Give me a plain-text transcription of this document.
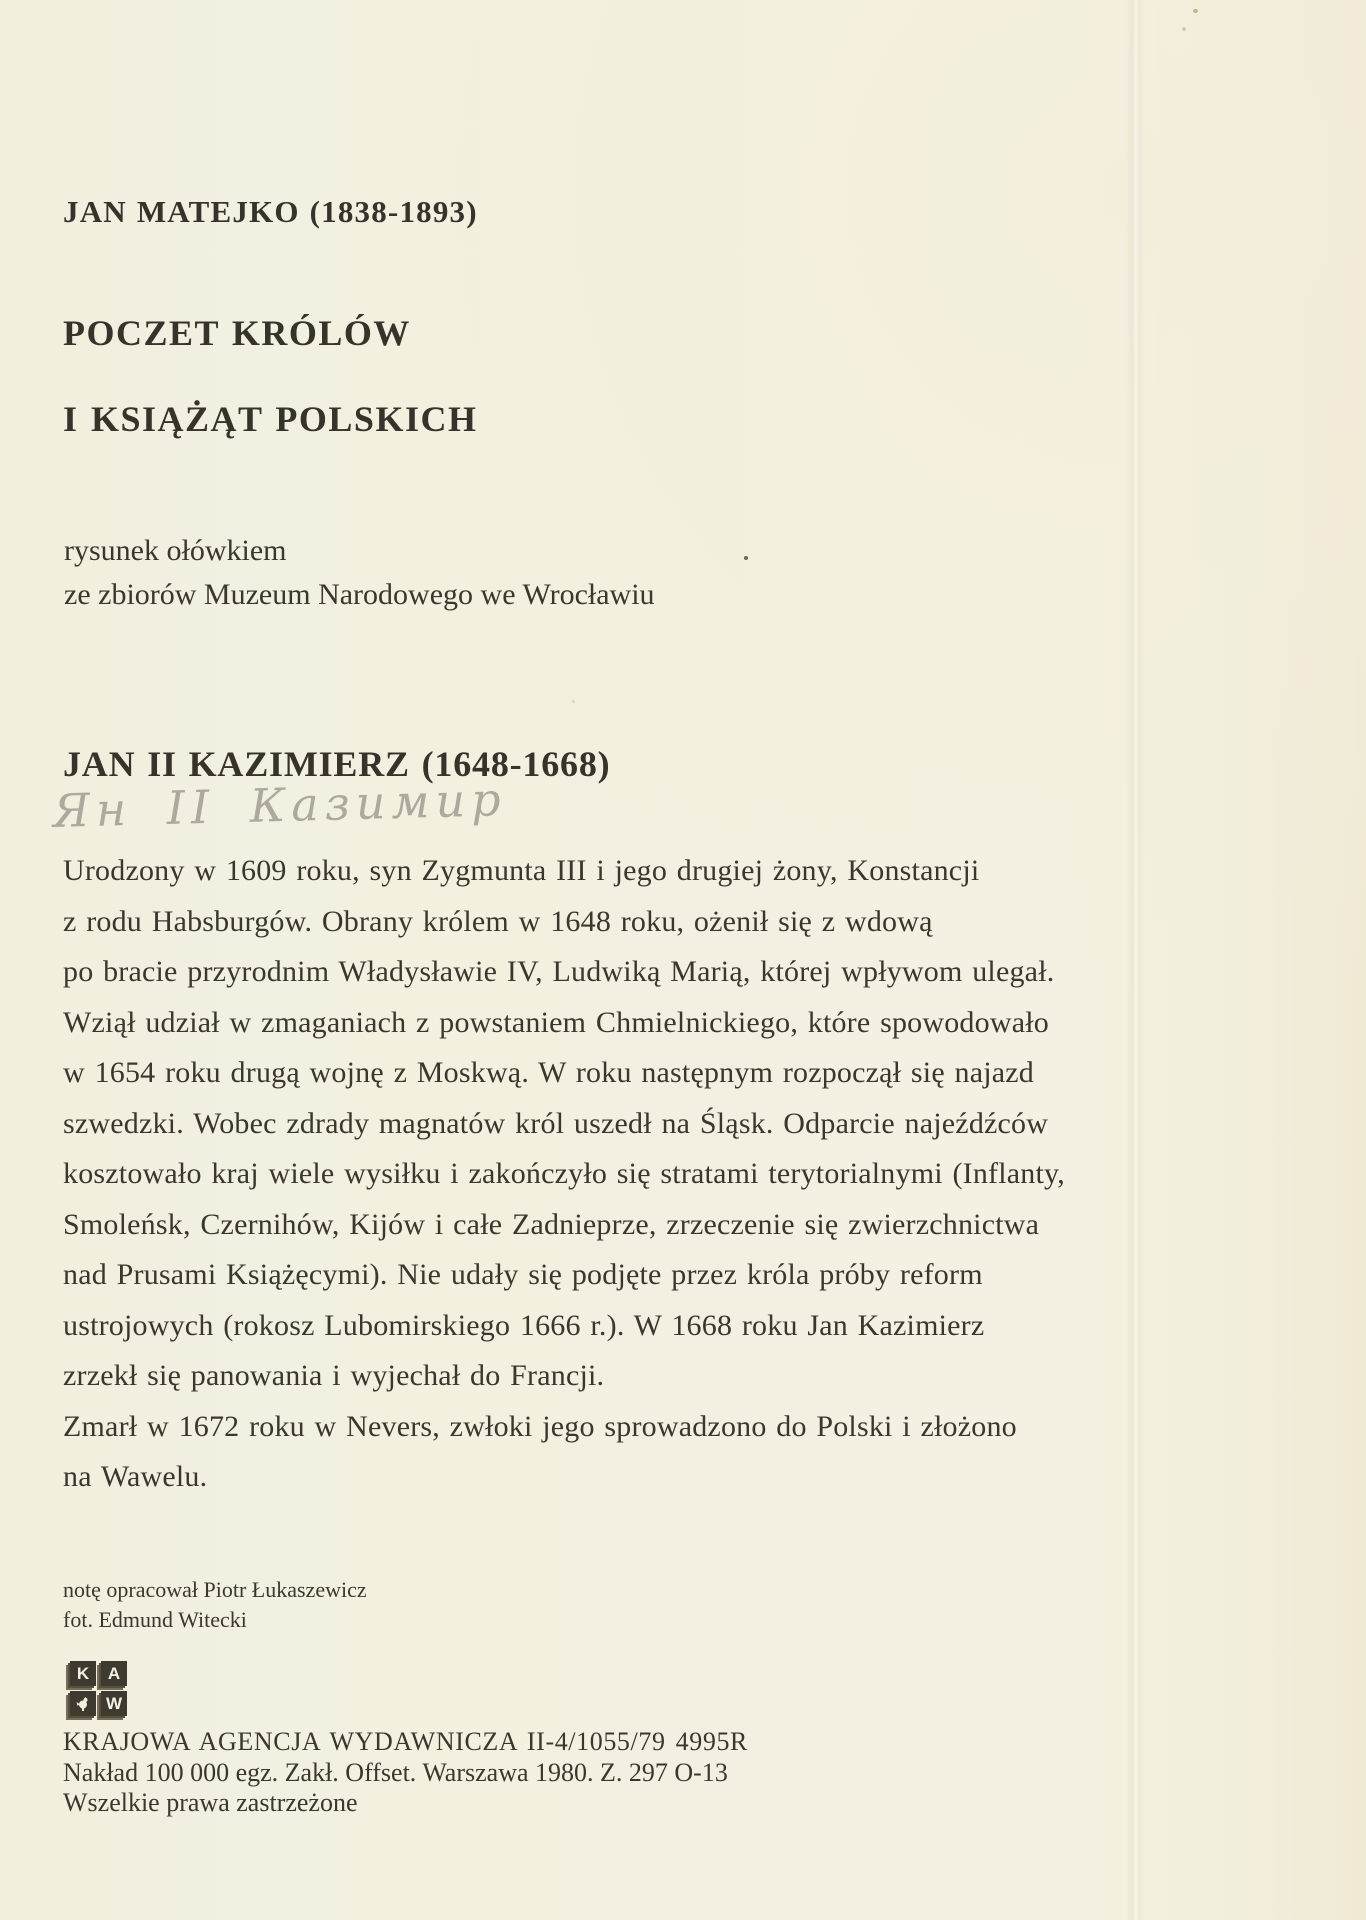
JAN MATEJKO (1838-1893)
POCZET KRÓLÓW
I KSIĄŻĄT POLSKICH
rysunek ołówkiem
ze zbiorów Muzeum Narodowego we Wrocławiu
JAN II KAZIMIERZ (1648-1668)
Ян II Казимир
Urodzony w 1609 roku, syn Zygmunta III i jego drugiej żony, Konstancji
z rodu Habsburgów. Obrany królem w 1648 roku, ożenił się z wdową
po bracie przyrodnim Władysławie IV, Ludwiką Marią, której wpływom ulegał.
Wziął udział w zmaganiach z powstaniem Chmielnickiego, które spowodowało
w 1654 roku drugą wojnę z Moskwą. W roku następnym rozpoczął się najazd
szwedzki. Wobec zdrady magnatów król uszedł na Śląsk. Odparcie najeźdźców
kosztowało kraj wiele wysiłku i zakończyło się stratami terytorialnymi (Inflanty,
Smoleńsk, Czernihów, Kijów i całe Zadnieprze, zrzeczenie się zwierzchnictwa
nad Prusami Książęcymi). Nie udały się podjęte przez króla próby reform
ustrojowych (rokosz Lubomirskiego 1666 r.). W 1668 roku Jan Kazimierz
zrzekł się panowania i wyjechał do Francji.
Zmarł w 1672 roku w Nevers, zwłoki jego sprowadzono do Polski i złożono
na Wawelu.
notę opracował Piotr Łukaszewicz
fot. Edmund Witecki
K A
W
KRAJOWA AGENCJA WYDAWNICZA II-4/1055/79 4995R
Nakład 100 000 egz. Zakł. Offset. Warszawa 1980. Z. 297 O-13
Wszelkie prawa zastrzeżone
